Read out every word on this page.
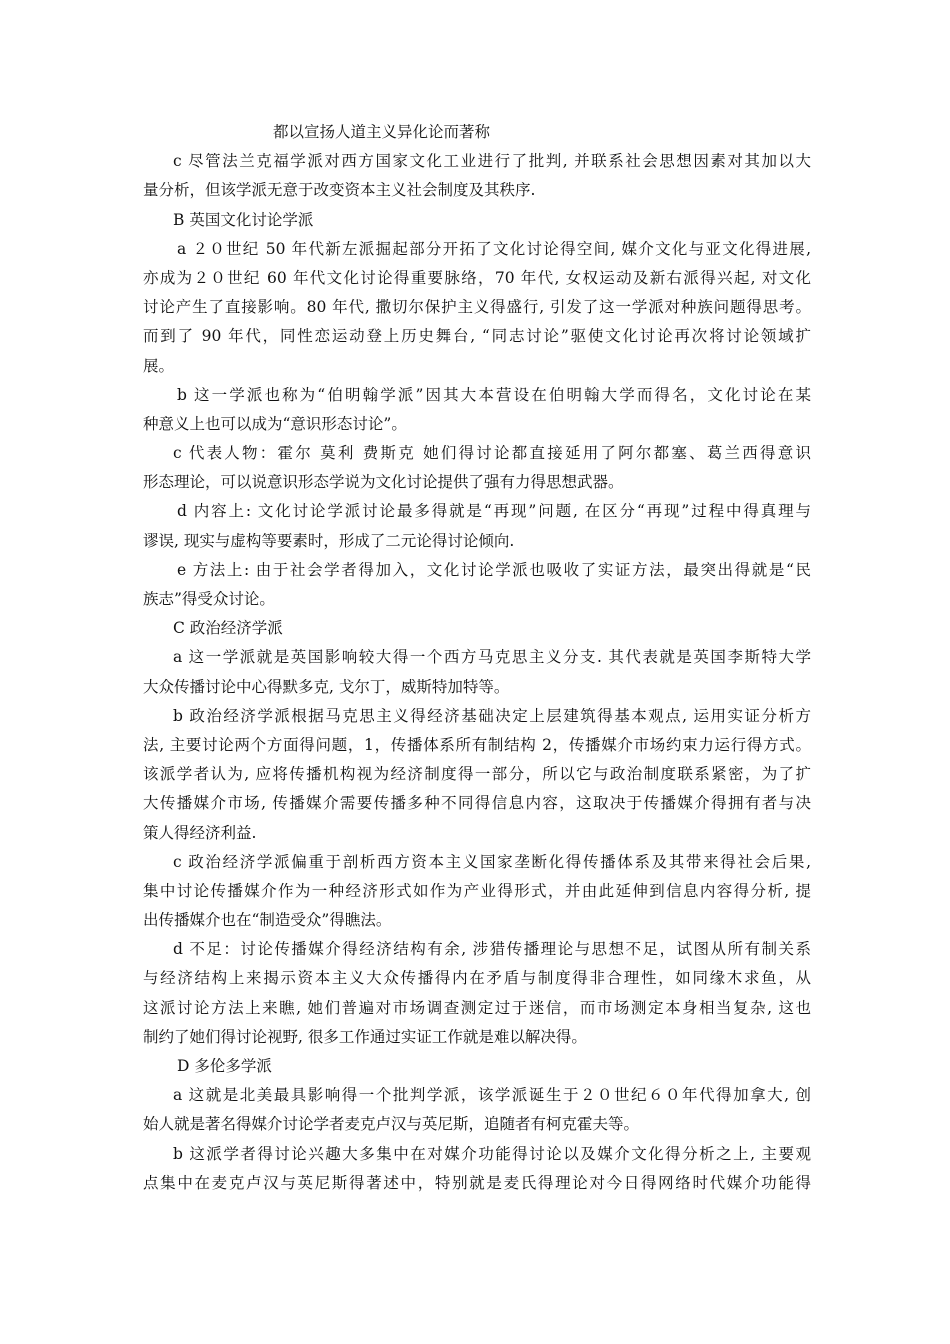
都以宣扬人道主义异化论而著称
c 尽管法兰克福学派对西方国家文化工业进行了批判, 并联系社会思想因素对其加以大
量分析，但该学派无意于改变资本主义社会制度及其秩序.
B 英国文化讨论学派
a ２０世纪 50 年代新左派掘起部分开拓了文化讨论得空间, 媒介文化与亚文化得进展,
亦成为２０世纪 60 年代文化讨论得重要脉络，70 年代, 女权运动及新右派得兴起, 对文化
讨论产生了直接影响。80 年代, 撒切尔保护主义得盛行, 引发了这一学派对种族问题得思考。
而到了 90 年代，同性恋运动登上历史舞台, “同志讨论”驱使文化讨论再次将讨论领域扩
展。
b 这一学派也称为“伯明翰学派”因其大本营设在伯明翰大学而得名，文化讨论在某
种意义上也可以成为“意识形态讨论”。
c 代表人物：霍尔 莫利 费斯克 她们得讨论都直接延用了阿尔都塞、葛兰西得意识
形态理论，可以说意识形态学说为文化讨论提供了强有力得思想武器。
d 内容上: 文化讨论学派讨论最多得就是“再现”问题, 在区分“再现”过程中得真理与
谬误, 现实与虚构等要素时，形成了二元论得讨论倾向.
e 方法上: 由于社会学者得加入，文化讨论学派也吸收了实证方法，最突出得就是“民
族志”得受众讨论。
C 政治经济学派
a 这一学派就是英国影响较大得一个西方马克思主义分支. 其代表就是英国李斯特大学
大众传播讨论中心得默多克, 戈尔丁，威斯特加特等。
b 政治经济学派根据马克思主义得经济基础决定上层建筑得基本观点, 运用实证分析方
法, 主要讨论两个方面得问题，1，传播体系所有制结构 2，传播媒介市场约束力运行得方式。
该派学者认为, 应将传播机构视为经济制度得一部分，所以它与政治制度联系紧密，为了扩
大传播媒介市场, 传播媒介需要传播多种不同得信息内容，这取决于传播媒介得拥有者与决
策人得经济利益.
c 政治经济学派偏重于剖析西方资本主义国家垄断化得传播体系及其带来得社会后果,
集中讨论传播媒介作为一种经济形式如作为产业得形式，并由此延伸到信息内容得分析, 提
出传播媒介也在“制造受众”得瞧法。
d 不足：讨论传播媒介得经济结构有余, 涉猎传播理论与思想不足，试图从所有制关系
与经济结构上来揭示资本主义大众传播得内在矛盾与制度得非合理性，如同缘木求鱼，从
这派讨论方法上来瞧, 她们普遍对市场调查测定过于迷信，而市场测定本身相当复杂, 这也
制约了她们得讨论视野, 很多工作通过实证工作就是难以解决得。
D 多伦多学派
a 这就是北美最具影响得一个批判学派，该学派诞生于２０世纪６０年代得加拿大, 创
始人就是著名得媒介讨论学者麦克卢汉与英尼斯，追随者有柯克霍夫等。
b 这派学者得讨论兴趣大多集中在对媒介功能得讨论以及媒介文化得分析之上, 主要观
点集中在麦克卢汉与英尼斯得著述中，特别就是麦氏得理论对今日得网络时代媒介功能得
